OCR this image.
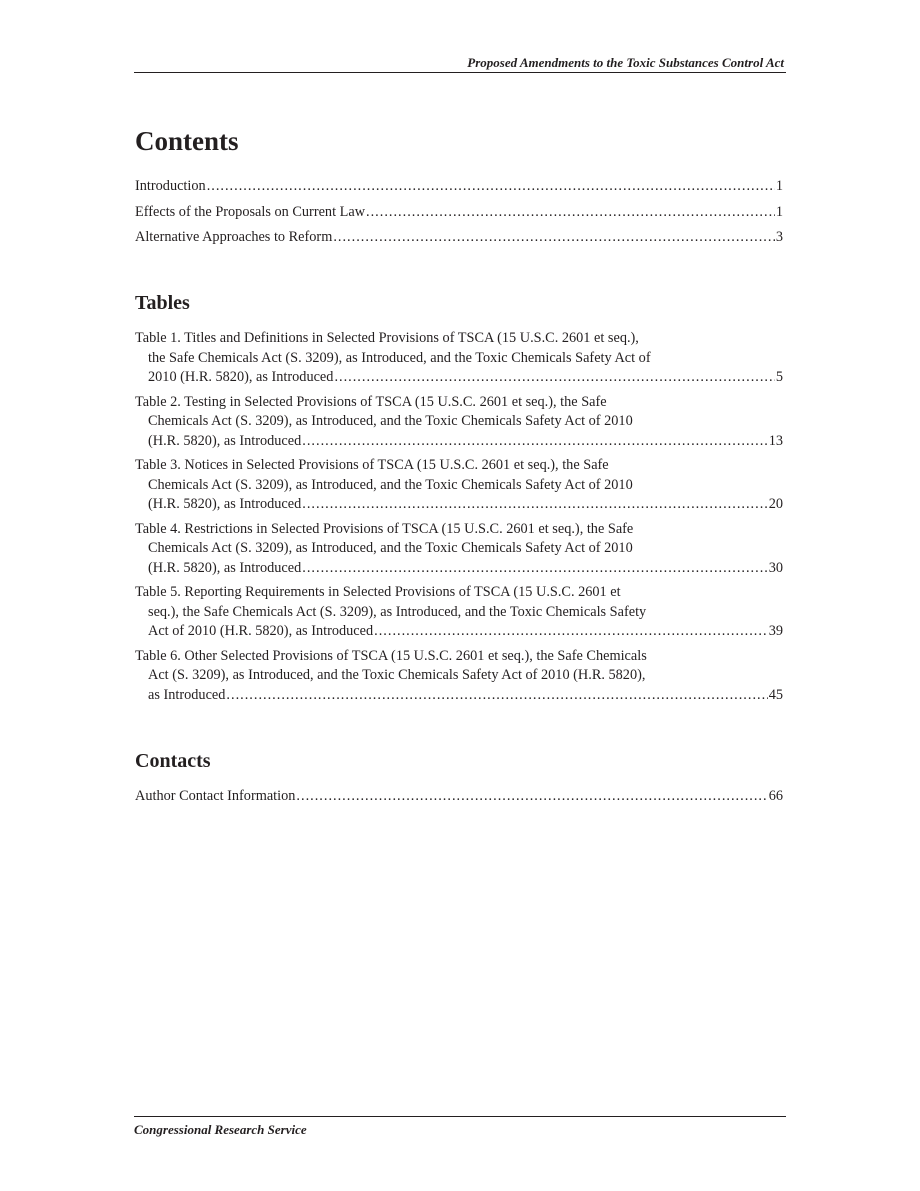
Proposed Amendments to the Toxic Substances Control Act
Contents
Introduction .....	1
Effects of the Proposals on Current Law .....	1
Alternative Approaches to Reform .....	3
Tables
Table 1. Titles and Definitions in Selected Provisions of TSCA (15 U.S.C. 2601 et seq.),
the Safe Chemicals Act (S. 3209), as Introduced, and the Toxic Chemicals Safety Act of
2010 (H.R. 5820), as Introduced .....	5
Table 2. Testing in Selected Provisions of TSCA (15 U.S.C. 2601 et seq.), the Safe
Chemicals Act (S. 3209), as Introduced, and the Toxic Chemicals Safety Act of 2010
(H.R. 5820), as Introduced .....	13
Table 3. Notices in Selected Provisions of TSCA (15 U.S.C. 2601 et seq.), the Safe
Chemicals Act (S. 3209), as Introduced, and the Toxic Chemicals Safety Act of 2010
(H.R. 5820), as Introduced .....	20
Table 4. Restrictions in Selected Provisions of TSCA (15 U.S.C. 2601 et seq.), the Safe
Chemicals Act (S. 3209), as Introduced, and the Toxic Chemicals Safety Act of 2010
(H.R. 5820), as Introduced .....	30
Table 5. Reporting Requirements in Selected Provisions of TSCA (15 U.S.C. 2601 et
seq.), the Safe Chemicals Act (S. 3209), as Introduced, and the Toxic Chemicals Safety
Act of 2010 (H.R. 5820), as Introduced .....	39
Table 6. Other Selected Provisions of TSCA (15 U.S.C. 2601 et seq.), the Safe Chemicals
Act (S. 3209), as Introduced, and the Toxic Chemicals Safety Act of 2010 (H.R. 5820),
as Introduced .....	45
Contacts
Author Contact Information .....	66
Congressional Research Service
